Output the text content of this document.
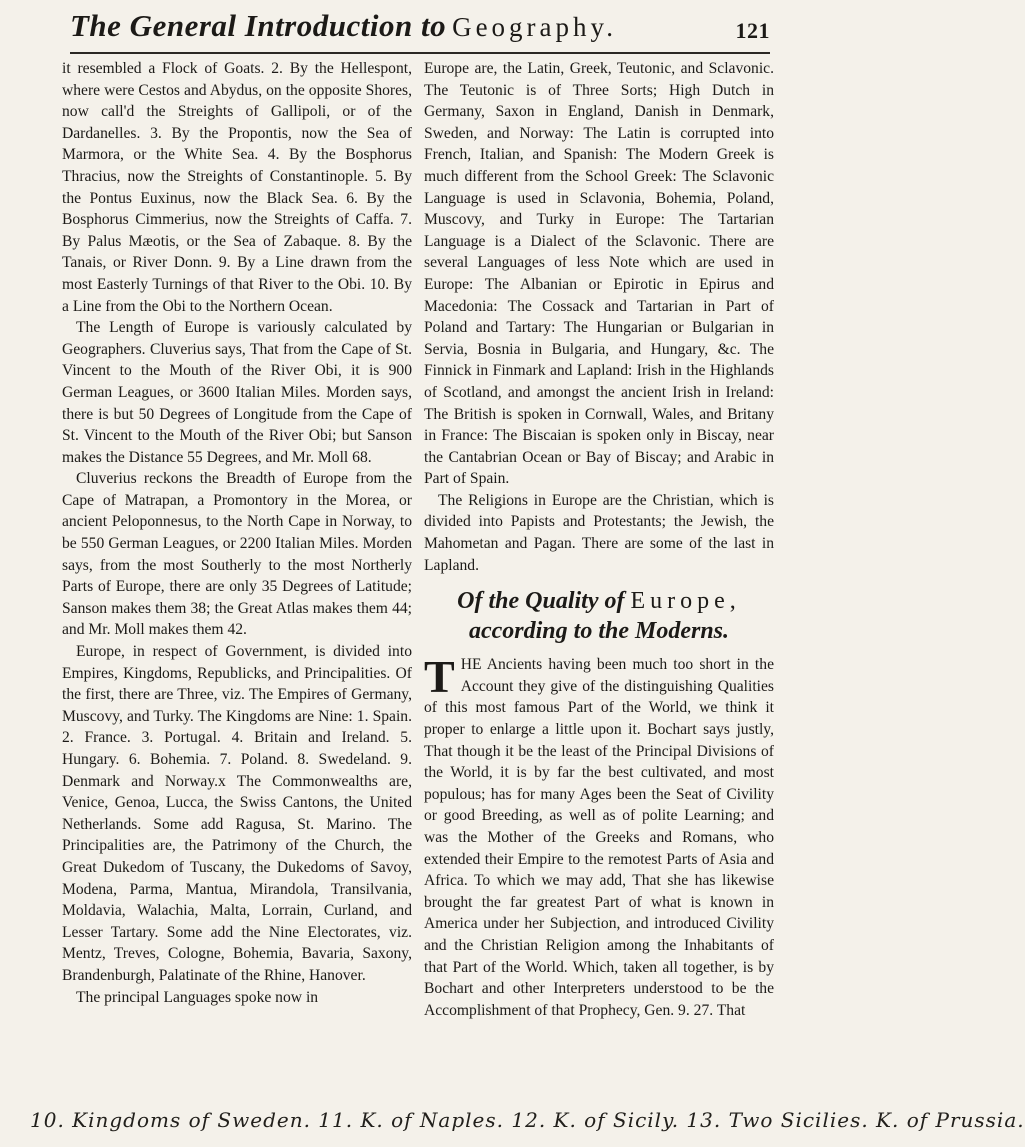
The General Introduction to Geography.	121

it resembled a Flock of Goats. 2. By the Hellespont, where were Cestos and Abydus, on the opposite Shores, now call'd the Streights of Gallipoli, or of the Dardanelles. 3. By the Propontis, now the Sea of Marmora, or the White Sea. 4. By the Bosphorus Thracius, now the Streights of Constantinople. 5. By the Pontus Euxinus, now the Black Sea. 6. By the Bosphorus Cimmerius, now the Streights of Caffa. 7. By Palus Mæotis, or the Sea of Zabaque. 8. By the Tanais, or River Donn. 9. By a Line drawn from the most Easterly Turnings of that River to the Obi. 10. By a Line from the Obi to the Northern Ocean.

The Length of Europe is variously calculated by Geographers. Cluverius says, That from the Cape of St. Vincent to the Mouth of the River Obi, it is 900 German Leagues, or 3600 Italian Miles. Morden says, there is but 50 Degrees of Longitude from the Cape of St. Vincent to the Mouth of the River Obi; but Sanson makes the Distance 55 Degrees, and Mr. Moll 68.

Cluverius reckons the Breadth of Europe from the Cape of Matrapan, a Promontory in the Morea, or ancient Peloponnesus, to the North Cape in Norway, to be 550 German Leagues, or 2200 Italian Miles. Morden says, from the most Southerly to the most Northerly Parts of Europe, there are only 35 Degrees of Latitude; Sanson makes them 38; the Great Atlas makes them 44; and Mr. Moll makes them 42.

Europe, in respect of Government, is divided into Empires, Kingdoms, Republicks, and Principalities. Of the first, there are Three, viz. The Empires of Germany, Muscovy, and Turky. The Kingdoms are Nine: 1. Spain. 2. France. 3. Portugal. 4. Britain and Ireland. 5. Hungary. 6. Bohemia. 7. Poland. 8. Swedeland. 9. Denmark and Norway.x The Commonwealths are, Venice, Genoa, Lucca, the Swiss Cantons, the United Netherlands. Some add Ragusa, St. Marino. The Principalities are, the Patrimony of the Church, the Great Dukedom of Tuscany, the Dukedoms of Savoy, Modena, Parma, Mantua, Mirandola, Transilvania, Moldavia, Walachia, Malta, Lorrain, Curland, and Lesser Tartary. Some add the Nine Electorates, viz. Mentz, Treves, Cologne, Bohemia, Bavaria, Saxony, Brandenburgh, Palatinate of the Rhine, Hanover.

The principal Languages spoke now in

Europe are, the Latin, Greek, Teutonic, and Sclavonic. The Teutonic is of Three Sorts; High Dutch in Germany, Saxon in England, Danish in Denmark, Sweden, and Norway: The Latin is corrupted into French, Italian, and Spanish: The Modern Greek is much different from the School Greek: The Sclavonic Language is used in Sclavonia, Bohemia, Poland, Muscovy, and Turky in Europe: The Tartarian Language is a Dialect of the Sclavonic. There are several Languages of less Note which are used in Europe: The Albanian or Epirotic in Epirus and Macedonia: The Cossack and Tartarian in Part of Poland and Tartary: The Hungarian or Bulgarian in Servia, Bosnia in Bulgaria, and Hungary, &c. The Finnick in Finmark and Lapland: Irish in the Highlands of Scotland, and amongst the ancient Irish in Ireland: The British is spoken in Cornwall, Wales, and Britany in France: The Biscaian is spoken only in Biscay, near the Cantabrian Ocean or Bay of Biscay; and Arabic in Part of Spain.

The Religions in Europe are the Christian, which is divided into Papists and Protestants; the Jewish, the Mahometan and Pagan. There are some of the last in Lapland.

Of the Quality of Europe,
according to the Moderns.

THE Ancients having been much too short in the Account they give of the distinguishing Qualities of this most famous Part of the World, we think it proper to enlarge a little upon it. Bochart says justly, That though it be the least of the Principal Divisions of the World, it is by far the best cultivated, and most populous; has for many Ages been the Seat of Civility or good Breeding, as well as of polite Learning; and was the Mother of the Greeks and Romans, who extended their Empire to the remotest Parts of Asia and Africa. To which we may add, That she has likewise brought the far greatest Part of what is known in America under her Subjection, and introduced Civility and the Christian Religion among the Inhabitants of that Part of the World. Which, taken all together, is by Bochart and other Interpreters understood to be the Accomplishment of that Prophecy, Gen. 9. 27. That

10. Kingdoms of Sweden. 11. K. of Naples. 12. K. of Sicily. 13. Two Sicilies. K. of Prussia.
